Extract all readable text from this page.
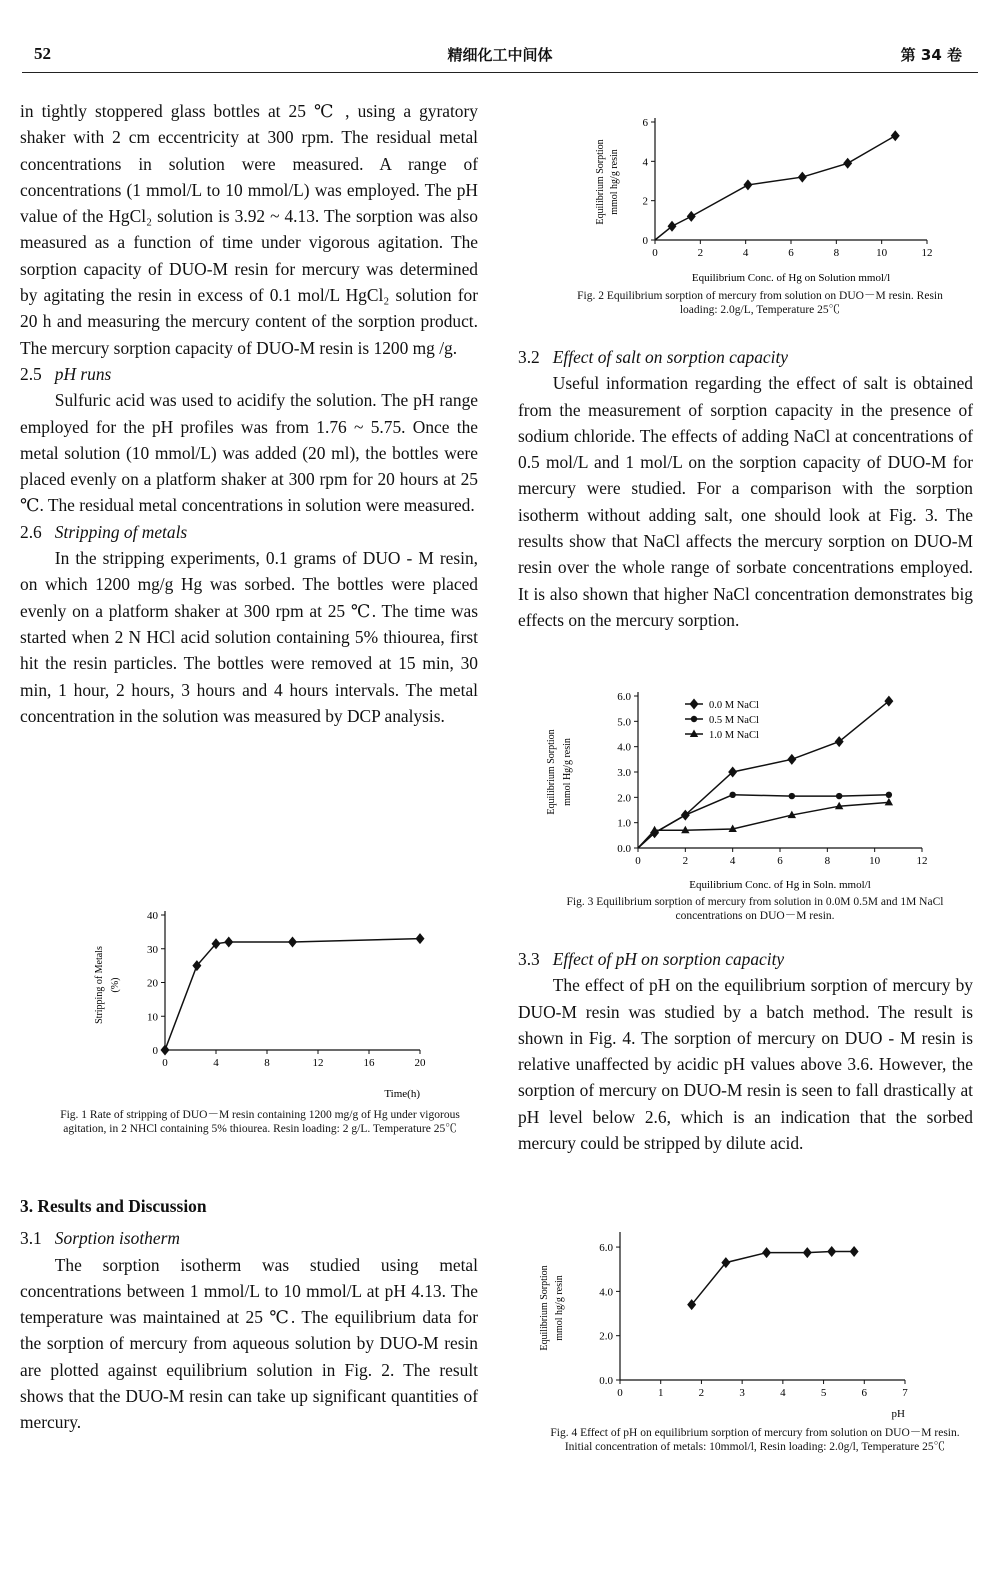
52	精细化工中间体	第 34 卷

in tightly stoppered glass bottles at 25 ℃ , using a gyratory shaker with 2 cm eccentricity at 300 rpm. The residual metal concentrations in solution were measured. A range of concentrations (1 mmol/L to 10 mmol/L) was employed. The pH value of the HgCl₂ solution is 3.92 ~ 4.13. The sorption was also measured as a function of time under vigorous agitation. The sorption capacity of DUO-M resin for mercury was determined by agitating the resin in excess of 0.1 mol/L HgCl₂ solution for 20 h and measuring the mercury content of the sorption product. The mercury sorption capacity of DUO-M resin is 1200 mg /g.

2.5 pH runs

Sulfuric acid was used to acidify the solution. The pH range employed for the pH profiles was from 1.76 ~ 5.75. Once the metal solution (10 mmol/L) was added (20 ml), the bottles were placed evenly on a platform shaker at 300 rpm for 20 hours at 25 ℃. The residual metal concentrations in solution were measured.

2.6 Stripping of metals

In the stripping experiments, 0.1 grams of DUO - M resin, on which 1200 mg/g Hg was sorbed. The bottles were placed evenly on a platform shaker at 300 rpm at 25 ℃. The time was started when 2 N HCl acid solution containing 5% thiourea, first hit the resin particles. The bottles were removed at 15 min, 30 min, 1 hour, 2 hours, 3 hours and 4 hours intervals. The metal concentration in the solution was measured by DCP analysis.

0	4	8	12	16	20
0
10
20
30
40
Time(h)
Stripping of Metals (%)
Fig. 1 Rate of stripping of DUO－M resin containing 1200 mg/g of Hg under vigorous agitation, in 2 NHCl containing 5% thiourea. Resin loading: 2 g/L. Temperature 25℃

3. Results and Discussion

3.1 Sorption isotherm

The sorption isotherm was studied using metal concentrations between 1 mmol/L to 10 mmol/L at pH 4.13. The temperature was maintained at 25 ℃. The equilibrium data for the sorption of mercury from aqueous solution by DUO-M resin are plotted against equilibrium solution in Fig. 2. The result shows that the DUO-M resin can take up significant quantities of mercury.

0	2	4	6	8	10	12
0
2
4
6
Equilibrium Conc. of Hg on Solution mmol/l
Equilibrium Sorption mmol hg/g resin
Fig. 2 Equilibrium sorption of mercury from solution on DUO－M resin. Resin loading: 2.0g/L, Temperature 25℃

3.2 Effect of salt on sorption capacity

Useful information regarding the effect of salt is obtained from the measurement of sorption capacity in the presence of sodium chloride. The effects of adding NaCl at concentrations of 0.5 mol/L and 1 mol/L on the sorption capacity of DUO-M for mercury were studied. For a comparison with the sorption isotherm without adding salt, one should look at Fig. 3. The results show that NaCl affects the mercury sorption on DUO-M resin over the whole range of sorbate concentrations employed. It is also shown that higher NaCl concentration demonstrates big effects on the mercury sorption.

0	2	4	6	8	10	12
0.0
1.0
2.0
3.0
4.0
5.0
6.0
Equilibrium Conc. of Hg in Soln. mmol/l
Equilibrium Sorption mmol Hg/g resin
0.0 M NaCl
0.5 M NaCl
1.0 M NaCl
Fig. 3 Equilibrium sorption of mercury from solution in 0.0M 0.5M and 1M NaCl concentrations on DUO－M resin.

3.3 Effect of pH on sorption capacity

The effect of pH on the equilibrium sorption of mercury by DUO-M resin was studied by a batch method. The result is shown in Fig. 4. The sorption of mercury on DUO - M resin is relative unaffected by acidic pH values above 3.6. However, the sorption of mercury on DUO-M resin is seen to fall drastically at pH level below 2.6, which is an indication that the sorbed mercury could be stripped by dilute acid.

0	1	2	3	4	5	6	7
0.0
2.0
4.0
6.0
pH
Equilibrium Sorption mmol hg/g resin
Fig. 4 Effect of pH on equilibrium sorption of mercury from solution on DUO－M resin. Initial concentration of metals: 10mmol/l, Resin loading: 2.0g/l, Temperature 25℃
